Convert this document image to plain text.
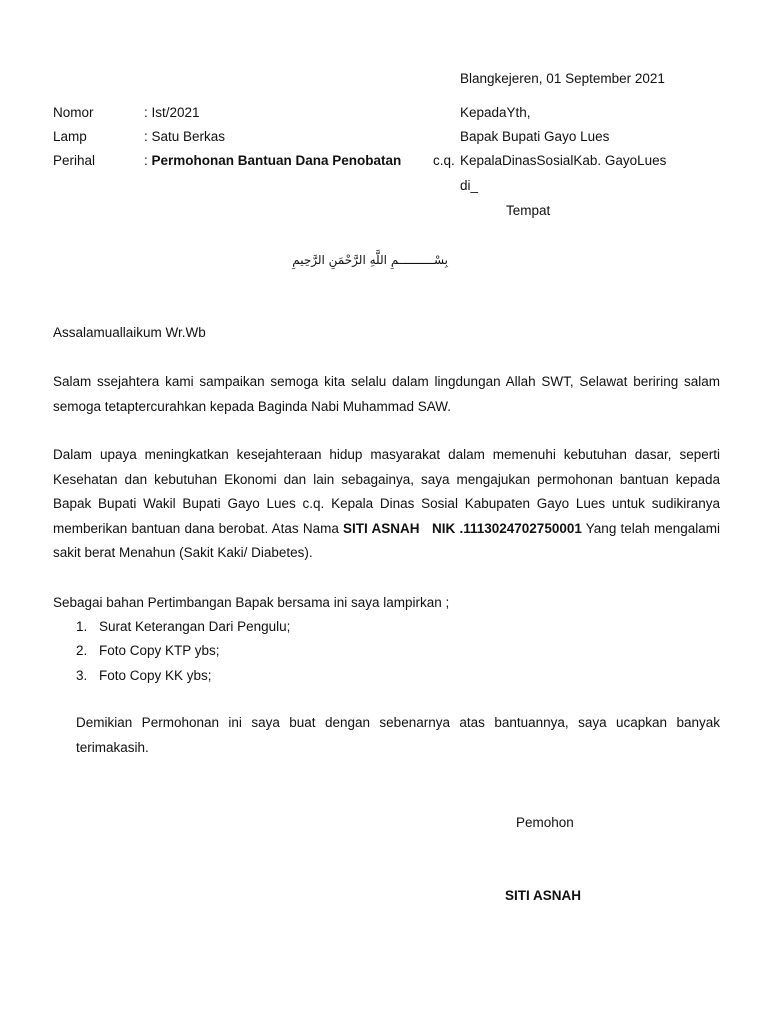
Blangkejeren, 01 September 2021
Nomor	: Ist/2021
Lamp	: Satu Berkas
Perihal	: Permohonan Bantuan Dana Penobatan
KepadaYth,
Bapak Bupati Gayo Lues
c.q. KepalaDinasSosialKab. GayoLues
di_
Tempat
بِسْــــــــــمِ اللَّهِ الرَّحْمَنِ الرَّحِيمِ
Assalamuallaikum Wr.Wb
Salam ssejahtera kami sampaikan semoga kita selalu dalam lingdungan Allah SWT, Selawat beriring salam semoga tetaptercurahkan kepada Baginda Nabi Muhammad SAW.
Dalam upaya meningkatkan kesejahteraan hidup masyarakat dalam memenuhi kebutuhan dasar, seperti Kesehatan dan kebutuhan Ekonomi dan lain sebagainya, saya mengajukan permohonan bantuan kepada Bapak Bupati Wakil Bupati Gayo Lues c.q. Kepala Dinas Sosial Kabupaten Gayo Lues untuk sudikiranya memberikan bantuan dana berobat. Atas Nama SITI ASNAH NIK .1113024702750001 Yang telah mengalami sakit berat Menahun (Sakit Kaki/ Diabetes).
Sebagai bahan Pertimbangan Bapak bersama ini saya lampirkan ;
1. Surat Keterangan Dari Pengulu;
2. Foto Copy KTP ybs;
3. Foto Copy KK ybs;
Demikian Permohonan ini saya buat dengan sebenarnya atas bantuannya, saya ucapkan banyak terimakasih.
Pemohon
SITI ASNAH
